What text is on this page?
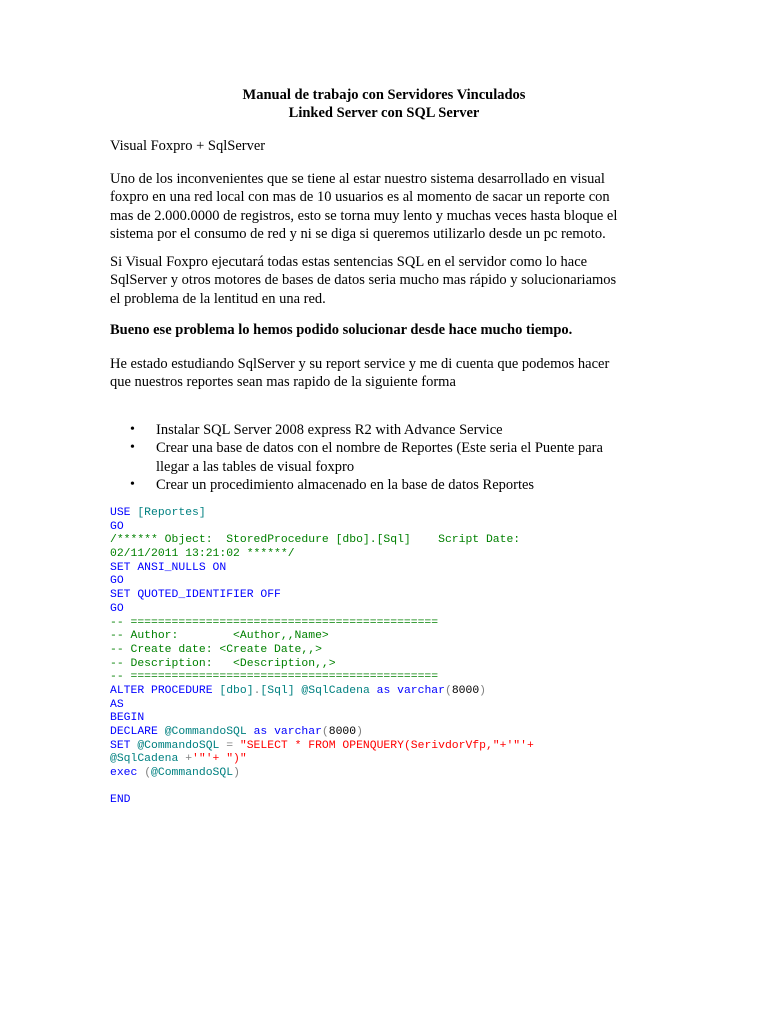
Manual de trabajo con Servidores Vinculados

Linked Server con SQL Server

Visual Foxpro + SqlServer

Uno de los inconvenientes que se tiene al estar nuestro sistema desarrollado en visual
foxpro en una red local con mas de 10 usuarios es al momento de sacar un reporte con
mas de 2.000.0000 de registros, esto se torna muy lento y muchas veces hasta bloque el
sistema por el consumo de red y ni se diga si queremos utilizarlo desde un pc remoto.

Si Visual Foxpro ejecutará todas estas sentencias SQL en el servidor como lo hace
SqlServer y otros motores de bases de datos seria mucho mas rápido y solucionariamos
el problema de la lentitud en una red.

Bueno ese problema lo hemos podido solucionar desde hace mucho tiempo.

He estado estudiando SqlServer y su report service y me di cuenta que podemos hacer
que nuestros reportes sean mas rapido de la siguiente forma

• Instalar SQL Server 2008 express R2 with Advance Service
• Crear una base de datos con el nombre de Reportes (Este seria el Puente para
llegar a las tables de visual foxpro
• Crear un procedimiento almacenado en la base de datos Reportes
USE [Reportes]
GO
/****** Object:  StoredProcedure [dbo].[Sql]    Script Date:
02/11/2011 13:21:02 ******/
SET ANSI_NULLS ON
GO
SET QUOTED_IDENTIFIER OFF
GO
-- =============================================
-- Author:        <Author,,Name>
-- Create date: <Create Date,,>
-- Description:   <Description,,>
-- =============================================
ALTER PROCEDURE [dbo].[Sql] @SqlCadena as varchar(8000)
AS
BEGIN
DECLARE @CommandoSQL as varchar(8000)
SET @CommandoSQL = "SELECT * FROM OPENQUERY(SerivdorVfp,"+'"'+
@SqlCadena +'"'+ ")"
exec (@CommandoSQL)

END
